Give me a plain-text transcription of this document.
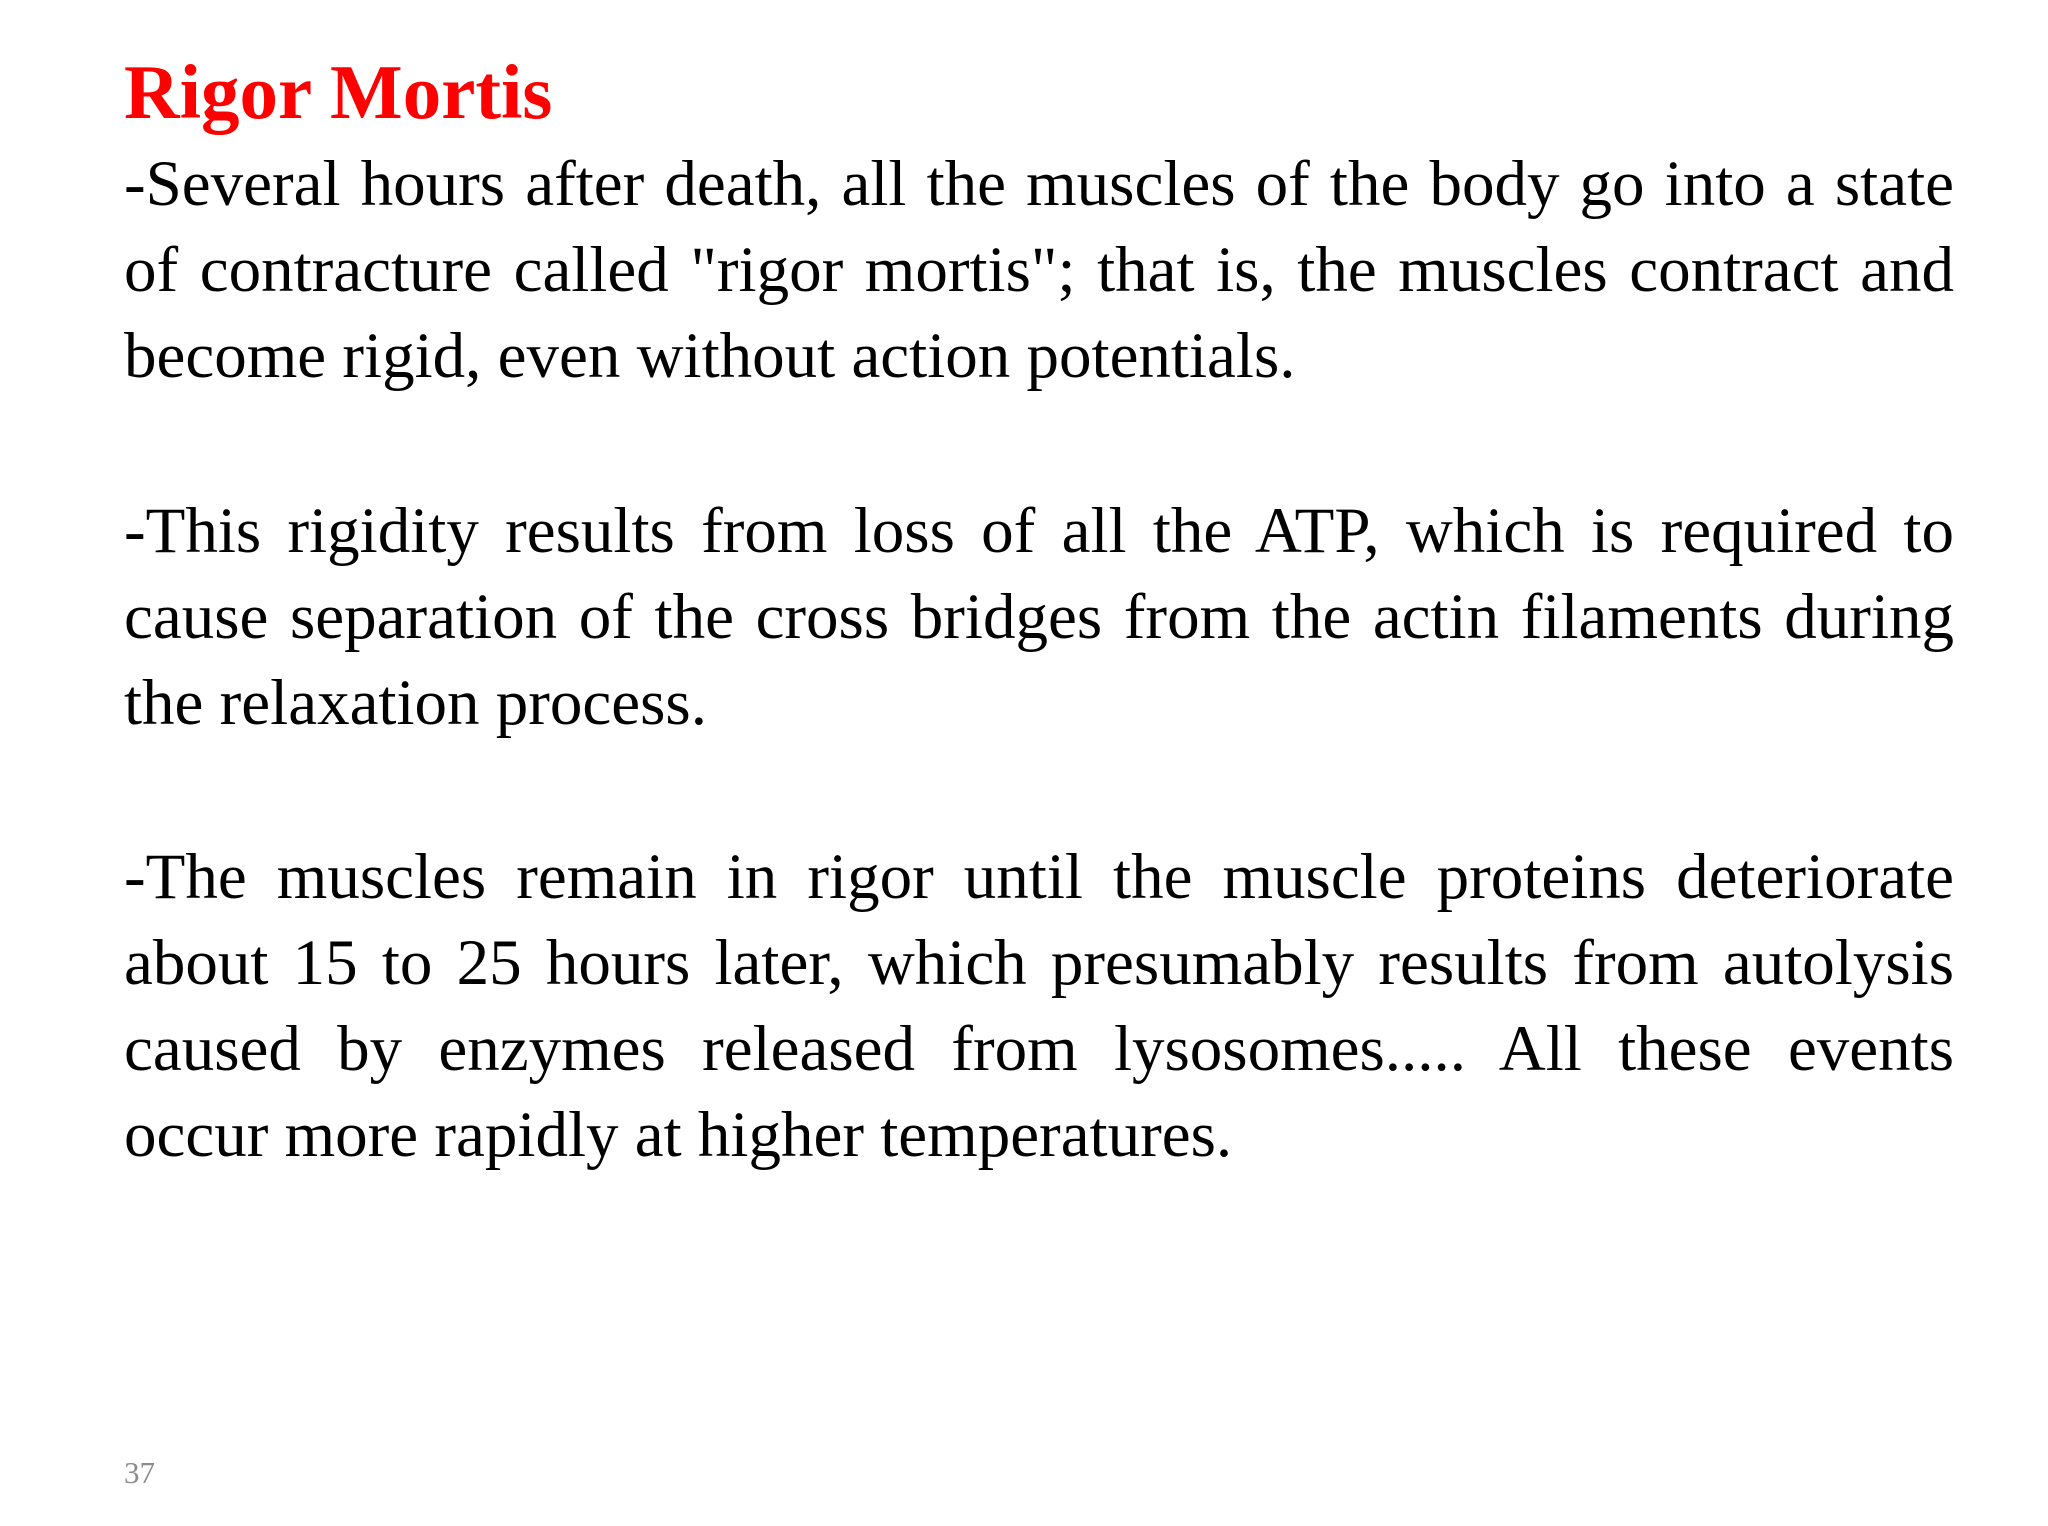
Rigor Mortis

-Several hours after death, all the muscles of the body go into a state of contracture called "rigor mortis"; that is, the muscles contract and become rigid, even without action potentials.

-This rigidity results from loss of all the ATP, which is required to cause separation of the cross bridges from the actin filaments during the relaxation process.

-The muscles remain in rigor until the muscle proteins deteriorate about 15 to 25 hours later, which presumably results from autolysis caused by enzymes released from lysosomes..... All these events occur more rapidly at higher temperatures.

37
